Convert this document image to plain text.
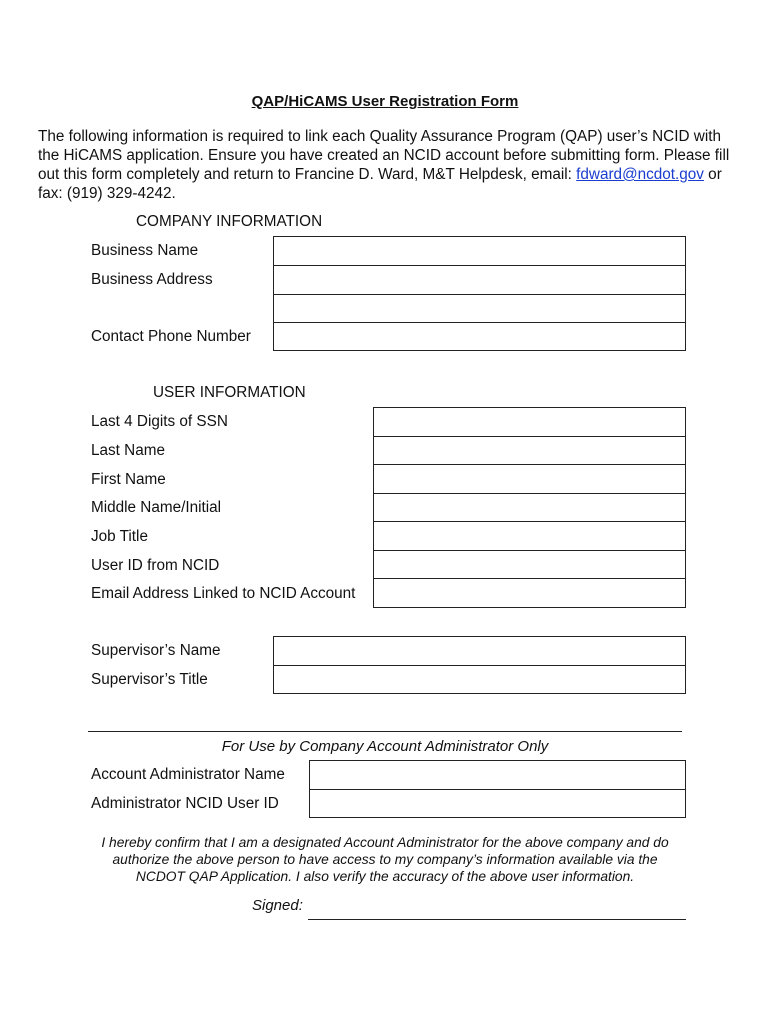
QAP/HiCAMS User Registration Form
The following information is required to link each Quality Assurance Program (QAP) user’s NCID with the HiCAMS application. Ensure you have created an NCID account before submitting form. Please fill out this form completely and return to Francine D. Ward, M&T Helpdesk, email: fdward@ncdot.gov or fax: (919) 329-4242.
COMPANY INFORMATION
Business Name
Business Address
Contact Phone Number
USER INFORMATION
Last 4 Digits of SSN
Last Name
First Name
Middle Name/Initial
Job Title
User ID from NCID
Email Address Linked to NCID Account
Supervisor’s Name
Supervisor’s Title
For Use by Company Account Administrator Only
Account Administrator Name
Administrator NCID User ID
I hereby confirm that I am a designated Account Administrator for the above company and do authorize the above person to have access to my company’s information available via the NCDOT QAP Application. I also verify the accuracy of the above user information.
Signed:
